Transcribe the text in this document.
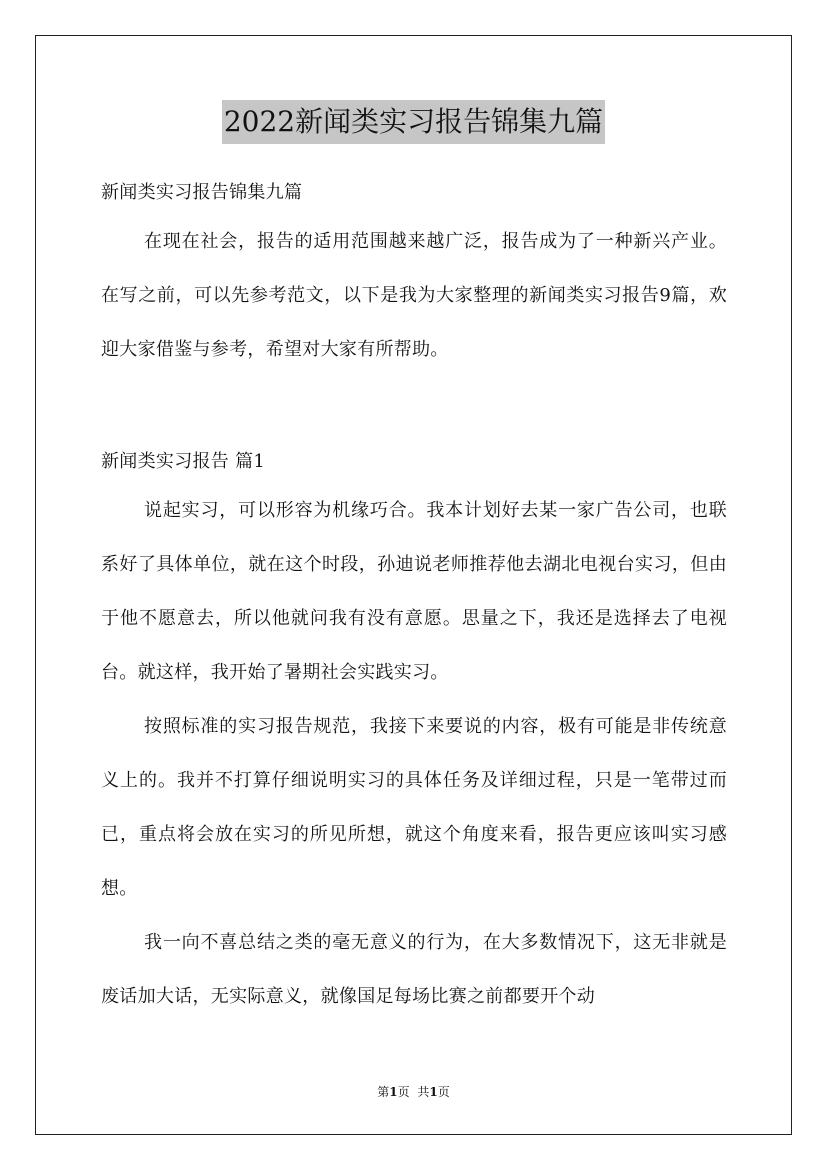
2022新闻类实习报告锦集九篇

新闻类实习报告锦集九篇

在现在社会，报告的适用范围越来越广泛，报告成为了一种新兴产业。在写之前，可以先参考范文，以下是我为大家整理的新闻类实习报告9篇，欢迎大家借鉴与参考，希望对大家有所帮助。

新闻类实习报告 篇1

说起实习，可以形容为机缘巧合。我本计划好去某一家广告公司，也联系好了具体单位，就在这个时段，孙迪说老师推荐他去湖北电视台实习，但由于他不愿意去，所以他就问我有没有意愿。思量之下，我还是选择去了电视台。就这样，我开始了暑期社会实践实习。

按照标准的实习报告规范，我接下来要说的内容，极有可能是非传统意义上的。我并不打算仔细说明实习的具体任务及详细过程，只是一笔带过而已，重点将会放在实习的所见所想，就这个角度来看，报告更应该叫实习感想。

我一向不喜总结之类的毫无意义的行为，在大多数情况下，这无非就是废话加大话，无实际意义，就像国足每场比赛之前都要开个动

第1页 共1页
